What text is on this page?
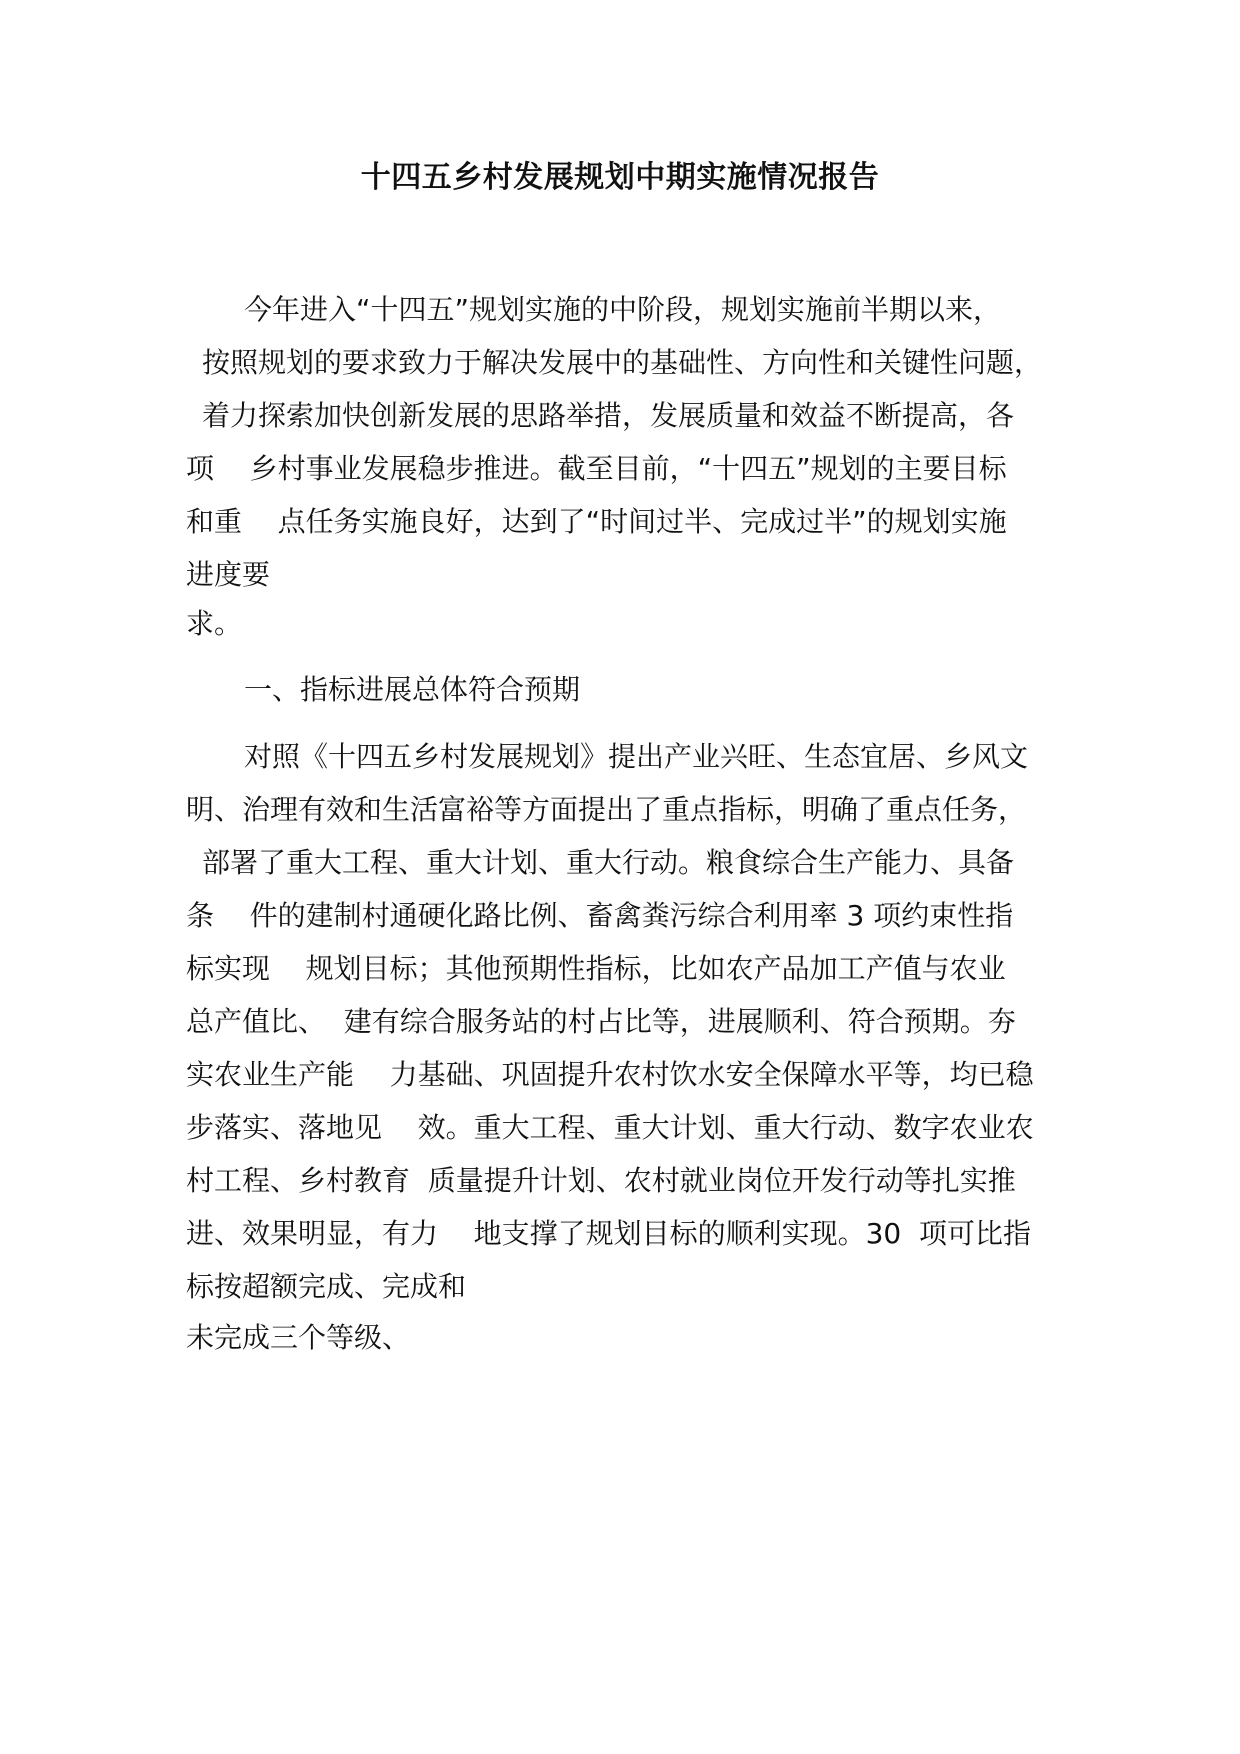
十四五乡村发展规划中期实施情况报告
今年进入“十四五”规划实施的中阶段，规划实施前半期以来，
按照规划的要求致力于解决发展中的基础性、方向性和关键性问题，
着力探索加快创新发展的思路举措，发展质量和效益不断提高，各
项    乡村事业发展稳步推进。截至目前，“十四五”规划的主要目标
和重    点任务实施良好，达到了“时间过半、完成过半”的规划实施
进度要
求。
一、指标进展总体符合预期
对照《十四五乡村发展规划》提出产业兴旺、生态宜居、乡风文
明、治理有效和生活富裕等方面提出了重点指标，明确了重点任务，
部署了重大工程、重大计划、重大行动。粮食综合生产能力、具备
条    件的建制村通硬化路比例、畜禽粪污综合利用率 3 项约束性指
标实现    规划目标；其他预期性指标，比如农产品加工产值与农业
总产值比、  建有综合服务站的村占比等，进展顺利、符合预期。夯
实农业生产能    力基础、巩固提升农村饮水安全保障水平等，均已稳
步落实、落地见    效。重大工程、重大计划、重大行动、数字农业农
村工程、乡村教育  质量提升计划、农村就业岗位开发行动等扎实推
进、效果明显，有力    地支撑了规划目标的顺利实现。30  项可比指
标按超额完成、完成和
未完成三个等级、
